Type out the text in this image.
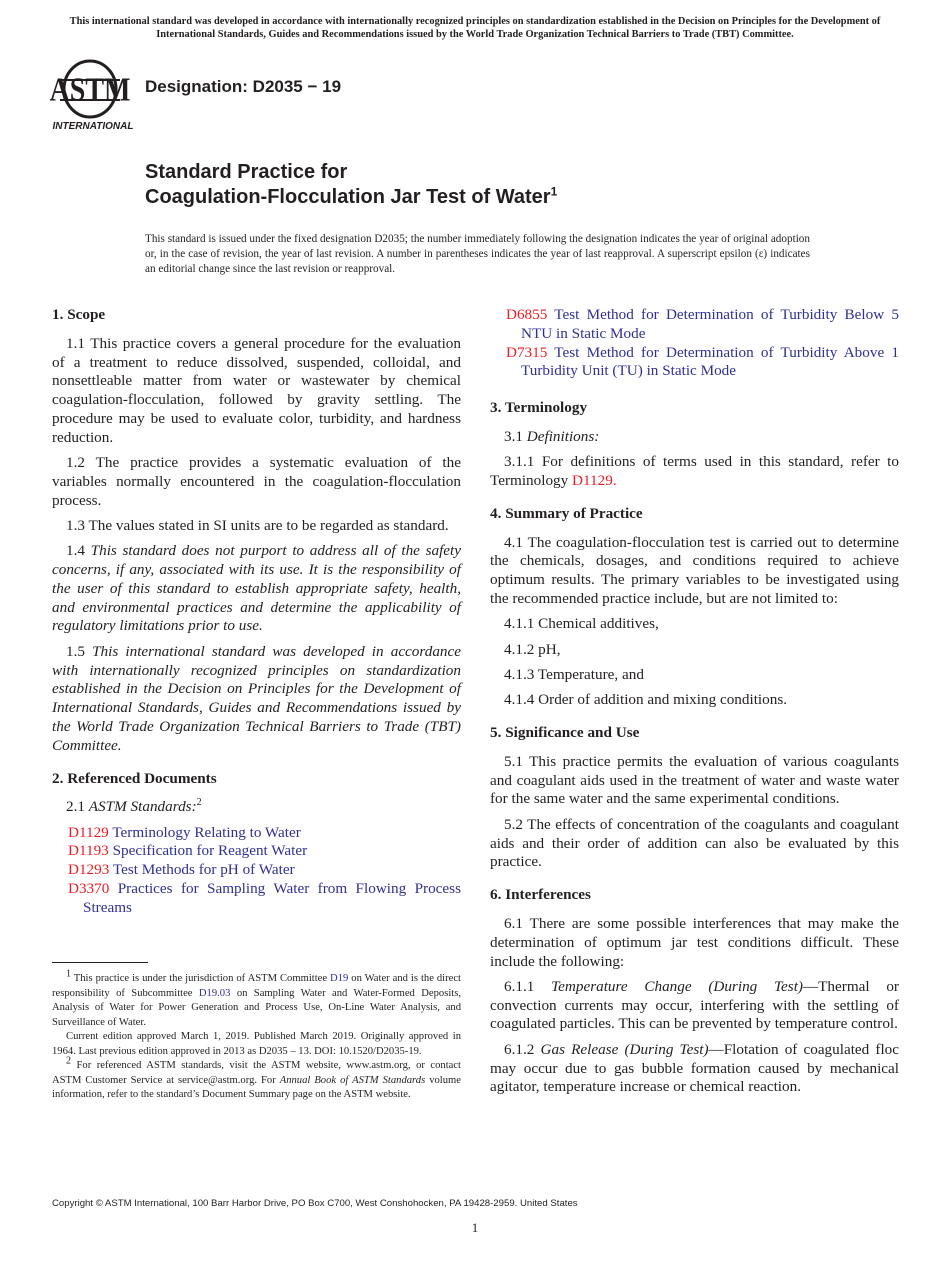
This international standard was developed in accordance with internationally recognized principles on standardization established in the Decision on Principles for the Development of International Standards, Guides and Recommendations issued by the World Trade Organization Technical Barriers to Trade (TBT) Committee.
ASTM
INTERNATIONAL
Designation: D2035 − 19
Standard Practice for
Coagulation-Flocculation Jar Test of Water$^1$
This standard is issued under the fixed designation D2035; the number immediately following the designation indicates the year of original adoption or, in the case of revision, the year of last revision. A number in parentheses indicates the year of last reapproval. A superscript epsilon (ε) indicates an editorial change since the last revision or reapproval.
1. Scope

1.1 This practice covers a general procedure for the evaluation of a treatment to reduce dissolved, suspended, colloidal, and nonsettleable matter from water or wastewater by chemical coagulation-flocculation, followed by gravity settling. The procedure may be used to evaluate color, turbidity, and hardness reduction.

1.2 The practice provides a systematic evaluation of the variables normally encountered in the coagulation-flocculation process.

1.3 The values stated in SI units are to be regarded as standard.

1.4 This standard does not purport to address all of the safety concerns, if any, associated with its use. It is the responsibility of the user of this standard to establish appropriate safety, health, and environmental practices and determine the applicability of regulatory limitations prior to use.

1.5 This international standard was developed in accordance with internationally recognized principles on standardization established in the Decision on Principles for the Development of International Standards, Guides and Recommendations issued by the World Trade Organization Technical Barriers to Trade (TBT) Committee.

2. Referenced Documents

2.1 ASTM Standards:$^2$

D1129 Terminology Relating to Water
D1193 Specification for Reagent Water
D1293 Test Methods for pH of Water
D3370 Practices for Sampling Water from Flowing Process Streams

$^1$ This practice is under the jurisdiction of ASTM Committee D19 on Water and is the direct responsibility of Subcommittee D19.03 on Sampling Water and Water-Formed Deposits, Analysis of Water for Power Generation and Process Use, On-Line Water Analysis, and Surveillance of Water.

Current edition approved March 1, 2019. Published March 2019. Originally approved in 1964. Last previous edition approved in 2013 as D2035 – 13. DOI: 10.1520/D2035-19.

$^2$ For referenced ASTM standards, visit the ASTM website, www.astm.org, or contact ASTM Customer Service at service@astm.org. For Annual Book of ASTM Standards volume information, refer to the standard’s Document Summary page on the ASTM website.

D6855 Test Method for Determination of Turbidity Below 5 NTU in Static Mode
D7315 Test Method for Determination of Turbidity Above 1 Turbidity Unit (TU) in Static Mode
3. Terminology

3.1 Definitions:

3.1.1 For definitions of terms used in this standard, refer to Terminology D1129.

4. Summary of Practice

4.1 The coagulation-flocculation test is carried out to determine the chemicals, dosages, and conditions required to achieve optimum results. The primary variables to be investigated using the recommended practice include, but are not limited to:

4.1.1 Chemical additives,

4.1.2 pH,

4.1.3 Temperature, and

4.1.4 Order of addition and mixing conditions.

5. Significance and Use

5.1 This practice permits the evaluation of various coagulants and coagulant aids used in the treatment of water and waste water for the same water and the same experimental conditions.

5.2 The effects of concentration of the coagulants and coagulant aids and their order of addition can also be evaluated by this practice.

6. Interferences

6.1 There are some possible interferences that may make the determination of optimum jar test conditions difficult. These include the following:

6.1.1 Temperature Change (During Test)—Thermal or convection currents may occur, interfering with the settling of coagulated particles. This can be prevented by temperature control.

6.1.2 Gas Release (During Test)—Flotation of coagulated floc may occur due to gas bubble formation caused by mechanical agitator, temperature increase or chemical reaction.

Copyright © ASTM International, 100 Barr Harbor Drive, PO Box C700, West Conshohocken, PA 19428-2959. United States
1
